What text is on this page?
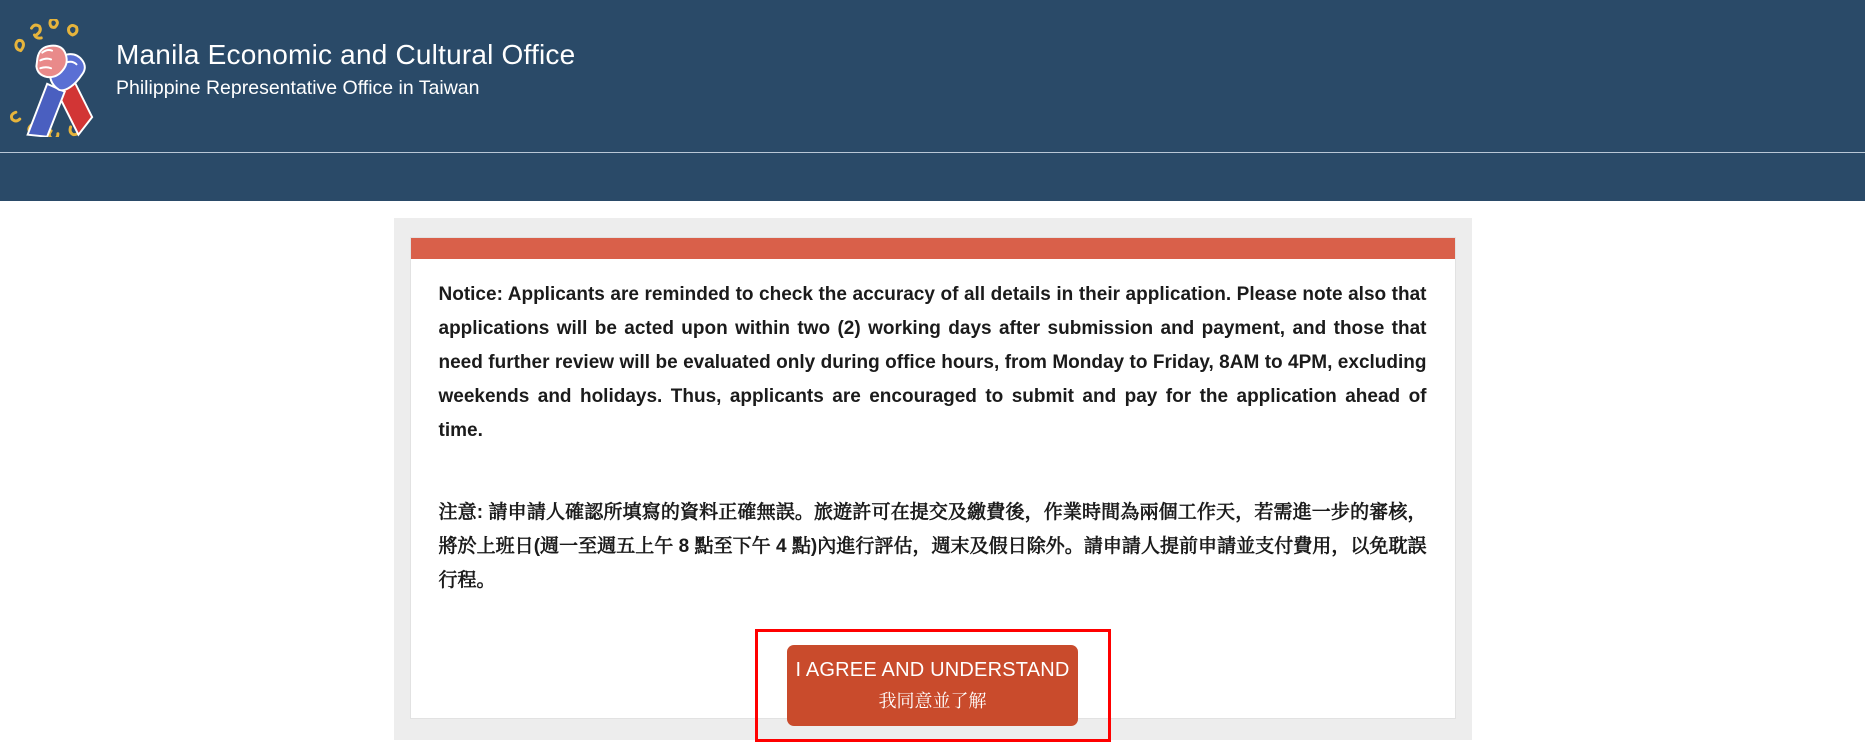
Manila Economic and Cultural Office
Philippine Representative Office in Taiwan

Notice: Applicants are reminded to check the accuracy of all details in their application. Please note also that applications will be acted upon within two (2) working days after submission and payment, and those that need further review will be evaluated only during office hours, from Monday to Friday, 8AM to 4PM, excluding weekends and holidays. Thus, applicants are encouraged to submit and pay for the application ahead of time.

注意: 請申請人確認所填寫的資料正確無誤。旅遊許可在提交及繳費後，作業時間為兩個工作天，若需進一步的審核，將於上班日(週一至週五上午 8 點至下午 4 點)內進行評估，週末及假日除外。請申請人提前申請並支付費用，以免耽誤行程。

I AGREE AND UNDERSTAND
我同意並了解
